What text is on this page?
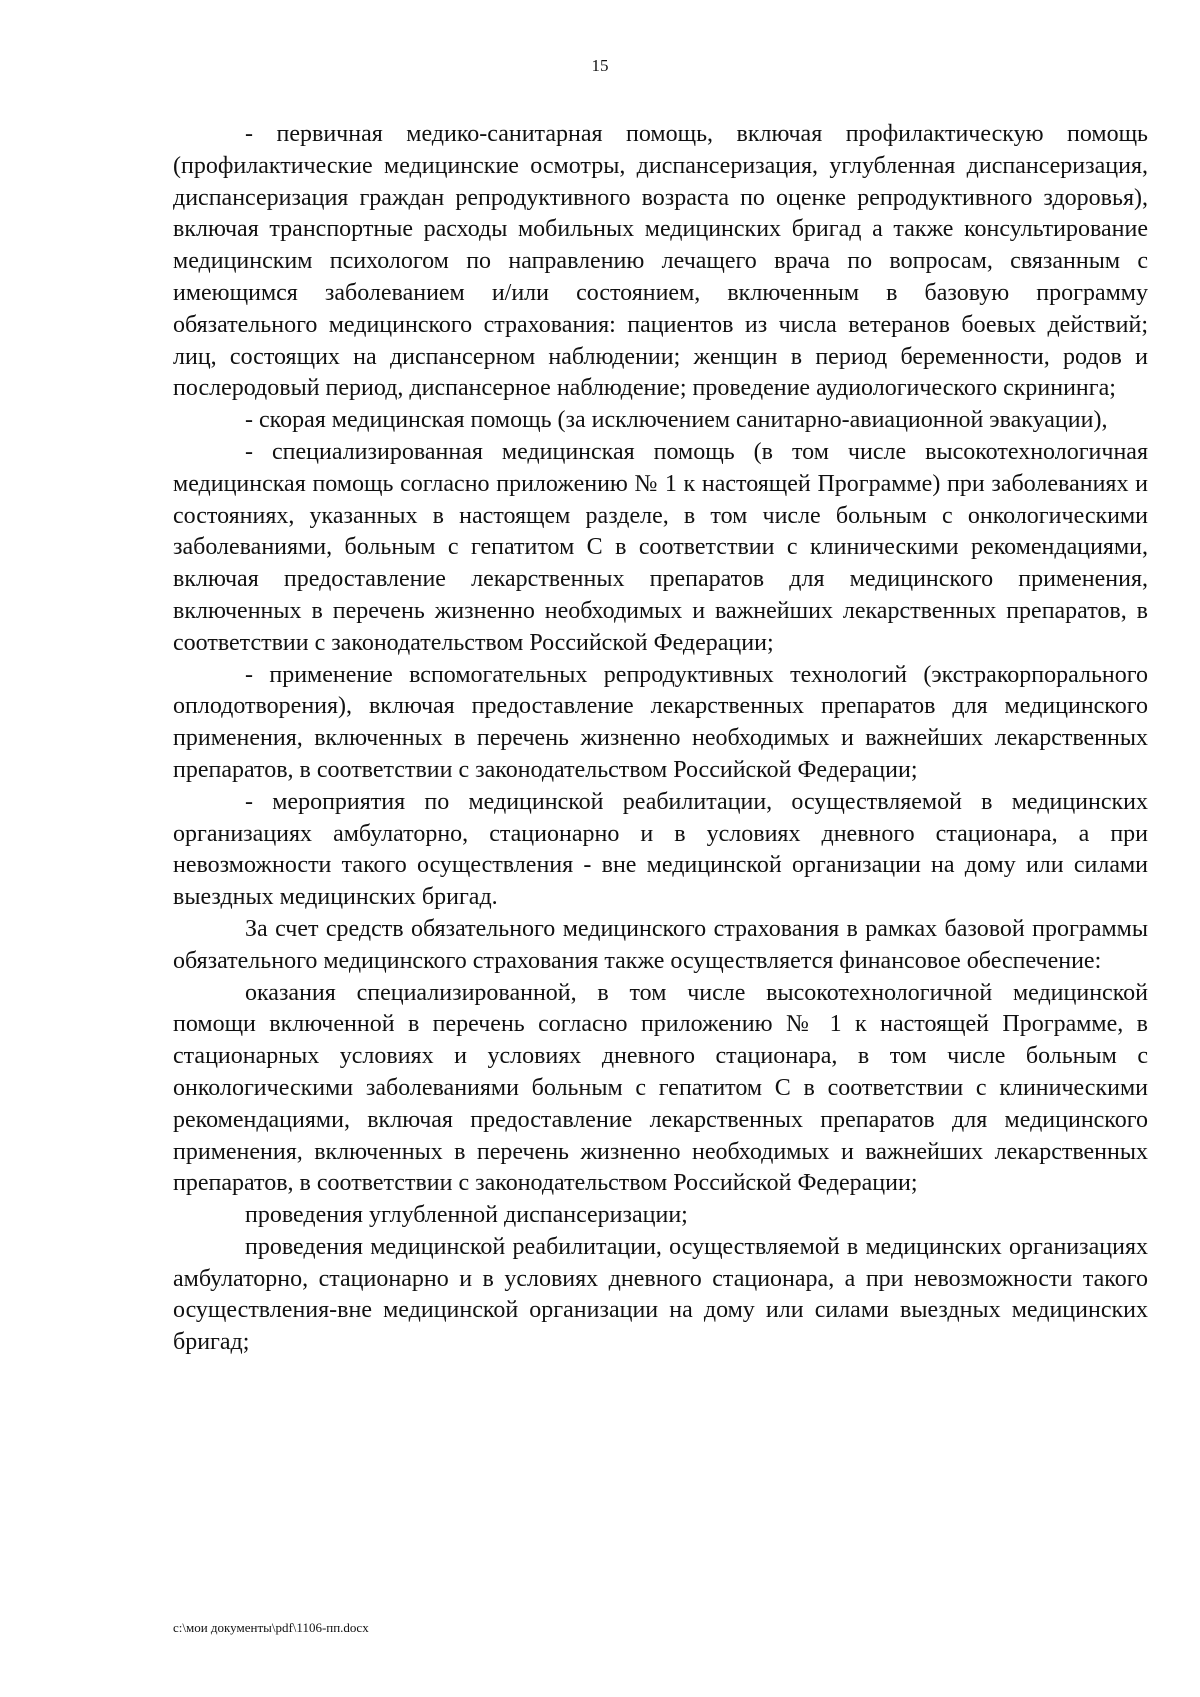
15

- первичная медико-санитарная помощь, включая профилактическую помощь (профилактические медицинские осмотры, диспансеризация, углубленная диспансеризация, диспансеризация граждан репродуктивного возраста по оценке репродуктивного здоровья), включая транспортные расходы мобильных медицинских бригад а также консультирование медицинским психологом по направлению лечащего врача по вопросам, связанным с имеющимся заболеванием и/или состоянием, включенным в базовую программу обязательного медицинского страхования: пациентов из числа ветеранов боевых действий; лиц, состоящих на диспансерном наблюдении; женщин в период беременности, родов и послеродовый период, диспансерное наблюдение; проведение аудиологического скрининга;

- скорая медицинская помощь (за исключением санитарно-авиационной эвакуации),

- специализированная медицинская помощь (в том числе высокотехнологичная медицинская помощь согласно приложению № 1 к настоящей Программе) при заболеваниях и состояниях, указанных в настоящем разделе, в том числе больным с онкологическими заболеваниями, больным с гепатитом С в соответствии с клиническими рекомендациями, включая предоставление лекарственных препаратов для медицинского применения, включенных в перечень жизненно необходимых и важнейших лекарственных препаратов, в соответствии с законодательством Российской Федерации;

- применение вспомогательных репродуктивных технологий (экстракорпорального оплодотворения), включая предоставление лекарственных препаратов для медицинского применения, включенных в перечень жизненно необходимых и важнейших лекарственных препаратов, в соответствии с законодательством Российской Федерации;

- мероприятия по медицинской реабилитации, осуществляемой в медицинских организациях амбулаторно, стационарно и в условиях дневного стационара, а при невозможности такого осуществления - вне медицинской организации на дому или силами выездных медицинских бригад.

За счет средств обязательного медицинского страхования в рамках базовой программы обязательного медицинского страхования также осуществляется финансовое обеспечение:

оказания специализированной, в том числе высокотехнологичной медицинской помощи включенной в перечень согласно приложению № 1 к настоящей Программе, в стационарных условиях и условиях дневного стационара, в том числе больным с онкологическими заболеваниями больным с гепатитом С в соответствии с клиническими рекомендациями, включая предоставление лекарственных препаратов для медицинского применения, включенных в перечень жизненно необходимых и важнейших лекарственных препаратов, в соответствии с законодательством Российской Федерации;

проведения углубленной диспансеризации;

проведения медицинской реабилитации, осуществляемой в медицинских организациях амбулаторно, стационарно и в условиях дневного стационара, а при невозможности такого осуществления-вне медицинской организации на дому или силами выездных медицинских бригад;

c:\мои документы\pdf\1106-пп.docx
